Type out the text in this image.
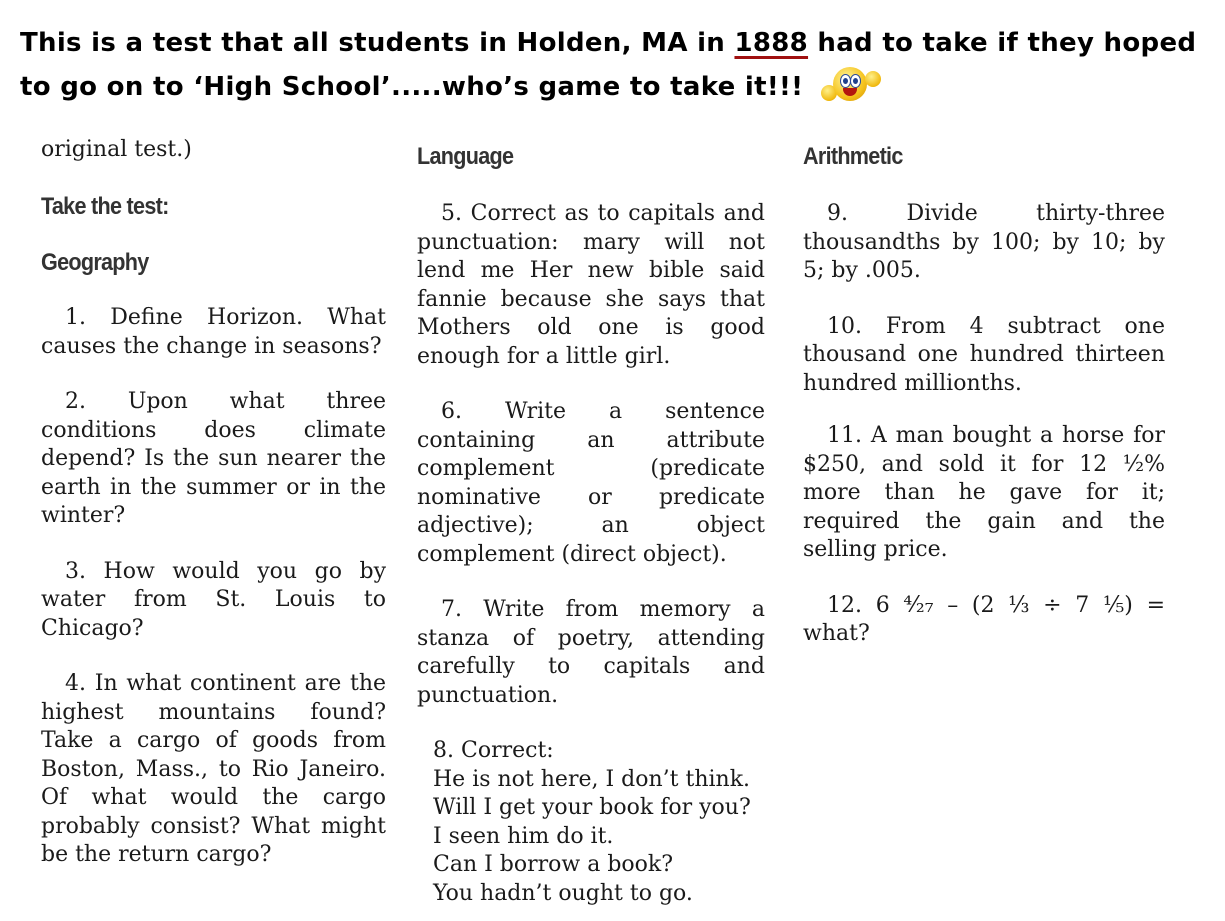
This is a test that all students in Holden, MA in 1888 had to take if they hoped to go on to ‘High School’.....who’s game to take it!!!
original test.)
Take the test:
Geography
1. Define Horizon. What causes the change in seasons?
2. Upon what three conditions does climate depend? Is the sun nearer the earth in the summer or in the winter?
3. How would you go by water from St. Louis to Chicago?
4. In what continent are the highest mountains found? Take a cargo of goods from Boston, Mass., to Rio Janeiro. Of what would the cargo probably consist? What might be the return cargo?
Language
5. Correct as to capitals and punctuation: mary will not lend me Her new bible said fannie because she says that Mothers old one is good enough for a little girl.
6. Write a sentence containing an attribute complement (predicate nominative or predicate adjective); an object complement (direct object).
7. Write from memory a stanza of poetry, attending carefully to capitals and punctuation.
8. Correct:
He is not here, I don’t think.
Will I get your book for you?
I seen him do it.
Can I borrow a book?
You hadn’t ought to go.
Arithmetic
9.	Divide thirty-three thousandths by 100; by 10; by 5; by .005.
10. From 4 subtract one thousand one hundred thirteen hundred millionths.
11. A man bought a horse for $250, and sold it for 12 ½% more than he gave for it; required the gain and the selling price.
12. 6 ⁴⁄₂₇ – (2 ⅓ ÷ 7 ⅕) = what?
